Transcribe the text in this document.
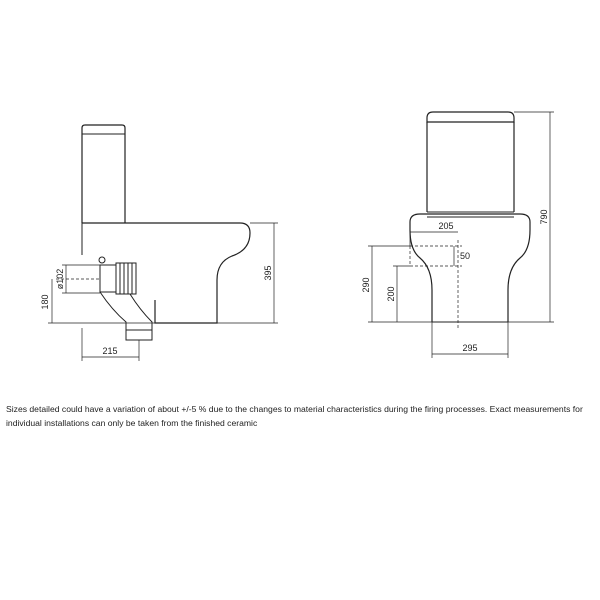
ø102
180
395
215
205
50
290
200
790
295
Sizes detailed could have a variation of about +/-5 % due to the changes to material characteristics during the firing processes. Exact measurements for individual installations can only be taken from the finished ceramic
